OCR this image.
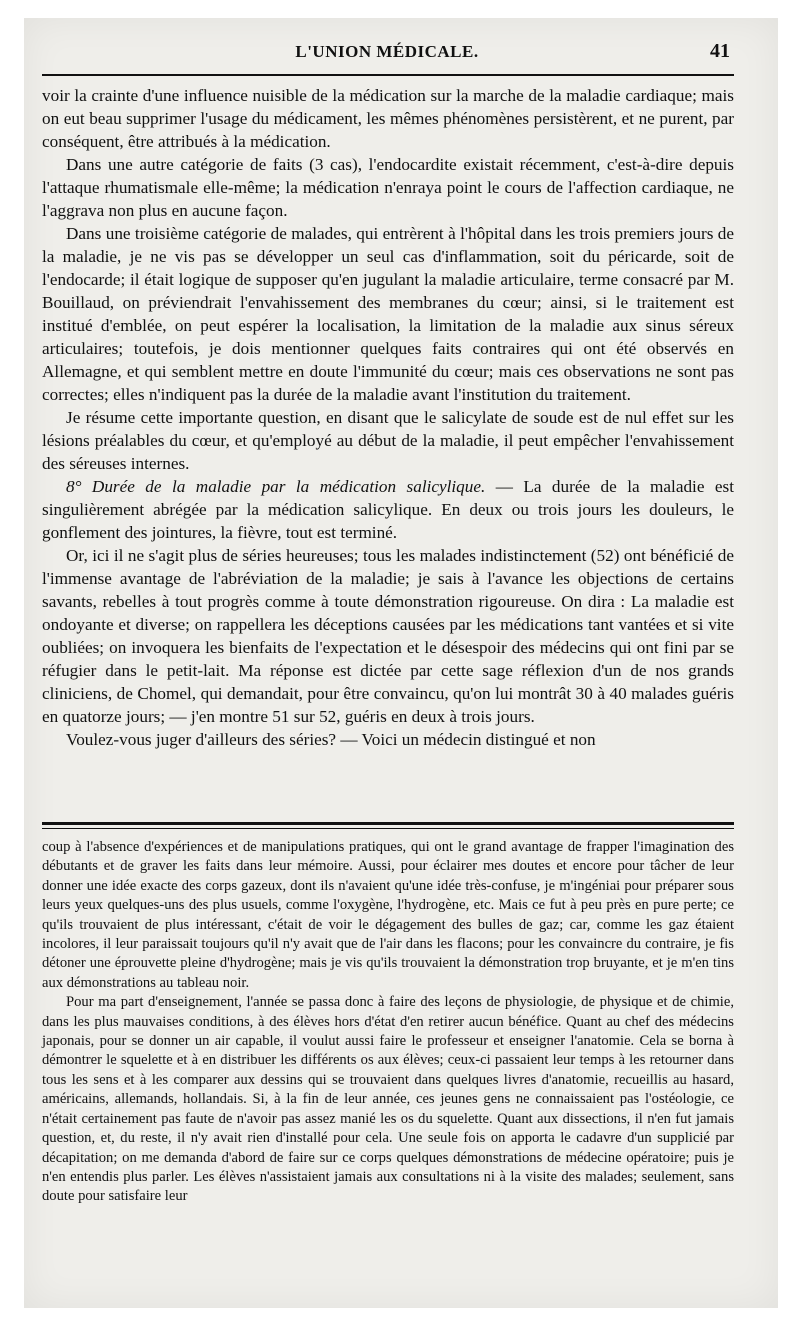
L'UNION MÉDICALE.	41

voir la crainte d'une influence nuisible de la médication sur la marche de la maladie cardiaque; mais on eut beau supprimer l'usage du médicament, les mêmes phénomènes persistèrent, et ne purent, par conséquent, être attribués à la médication.

Dans une autre catégorie de faits (3 cas), l'endocardite existait récemment, c'est-à-dire depuis l'attaque rhumatismale elle-même; la médication n'enraya point le cours de l'affection cardiaque, ne l'aggrava non plus en aucune façon.

Dans une troisième catégorie de malades, qui entrèrent à l'hôpital dans les trois premiers jours de la maladie, je ne vis pas se développer un seul cas d'inflammation, soit du péricarde, soit de l'endocarde; il était logique de supposer qu'en jugulant la maladie articulaire, terme consacré par M. Bouillaud, on préviendrait l'envahissement des membranes du cœur; ainsi, si le traitement est institué d'emblée, on peut espérer la localisation, la limitation de la maladie aux sinus séreux articulaires; toutefois, je dois mentionner quelques faits contraires qui ont été observés en Allemagne, et qui semblent mettre en doute l'immunité du cœur; mais ces observations ne sont pas correctes; elles n'indiquent pas la durée de la maladie avant l'institution du traitement.

Je résume cette importante question, en disant que le salicylate de soude est de nul effet sur les lésions préalables du cœur, et qu'employé au début de la maladie, il peut empêcher l'envahissement des séreuses internes.

8° Durée de la maladie par la médication salicylique. — La durée de la maladie est singulièrement abrégée par la médication salicylique. En deux ou trois jours les douleurs, le gonflement des jointures, la fièvre, tout est terminé.

Or, ici il ne s'agit plus de séries heureuses; tous les malades indistinctement (52) ont bénéficié de l'immense avantage de l'abréviation de la maladie; je sais à l'avance les objections de certains savants, rebelles à tout progrès comme à toute démonstration rigoureuse. On dira : La maladie est ondoyante et diverse; on rappellera les déceptions causées par les médications tant vantées et si vite oubliées; on invoquera les bienfaits de l'expectation et le désespoir des médecins qui ont fini par se réfugier dans le petit-lait. Ma réponse est dictée par cette sage réflexion d'un de nos grands cliniciens, de Chomel, qui demandait, pour être convaincu, qu'on lui montrât 30 à 40 malades guéris en quatorze jours; — j'en montre 51 sur 52, guéris en deux à trois jours.

Voulez-vous juger d'ailleurs des séries? — Voici un médecin distingué et non

coup à l'absence d'expériences et de manipulations pratiques, qui ont le grand avantage de frapper l'imagination des débutants et de graver les faits dans leur mémoire. Aussi, pour éclairer mes doutes et encore pour tâcher de leur donner une idée exacte des corps gazeux, dont ils n'avaient qu'une idée très-confuse, je m'ingéniai pour préparer sous leurs yeux quelques-uns des plus usuels, comme l'oxygène, l'hydrogène, etc. Mais ce fut à peu près en pure perte; ce qu'ils trouvaient de plus intéressant, c'était de voir le dégagement des bulles de gaz; car, comme les gaz étaient incolores, il leur paraissait toujours qu'il n'y avait que de l'air dans les flacons; pour les convaincre du contraire, je fis détoner une éprouvette pleine d'hydrogène; mais je vis qu'ils trouvaient la démonstration trop bruyante, et je m'en tins aux démonstrations au tableau noir.

Pour ma part d'enseignement, l'année se passa donc à faire des leçons de physiologie, de physique et de chimie, dans les plus mauvaises conditions, à des élèves hors d'état d'en retirer aucun bénéfice. Quant au chef des médecins japonais, pour se donner un air capable, il voulut aussi faire le professeur et enseigner l'anatomie. Cela se borna à démontrer le squelette et à en distribuer les différents os aux élèves; ceux-ci passaient leur temps à les retourner dans tous les sens et à les comparer aux dessins qui se trouvaient dans quelques livres d'anatomie, recueillis au hasard, américains, allemands, hollandais. Si, à la fin de leur année, ces jeunes gens ne connaissaient pas l'ostéologie, ce n'était certainement pas faute de n'avoir pas assez manié les os du squelette. Quant aux dissections, il n'en fut jamais question, et, du reste, il n'y avait rien d'installé pour cela. Une seule fois on apporta le cadavre d'un supplicié par décapitation; on me demanda d'abord de faire sur ce corps quelques démonstrations de médecine opératoire; puis je n'en entendis plus parler. Les élèves n'assistaient jamais aux consultations ni à la visite des malades; seulement, sans doute pour satisfaire leur
